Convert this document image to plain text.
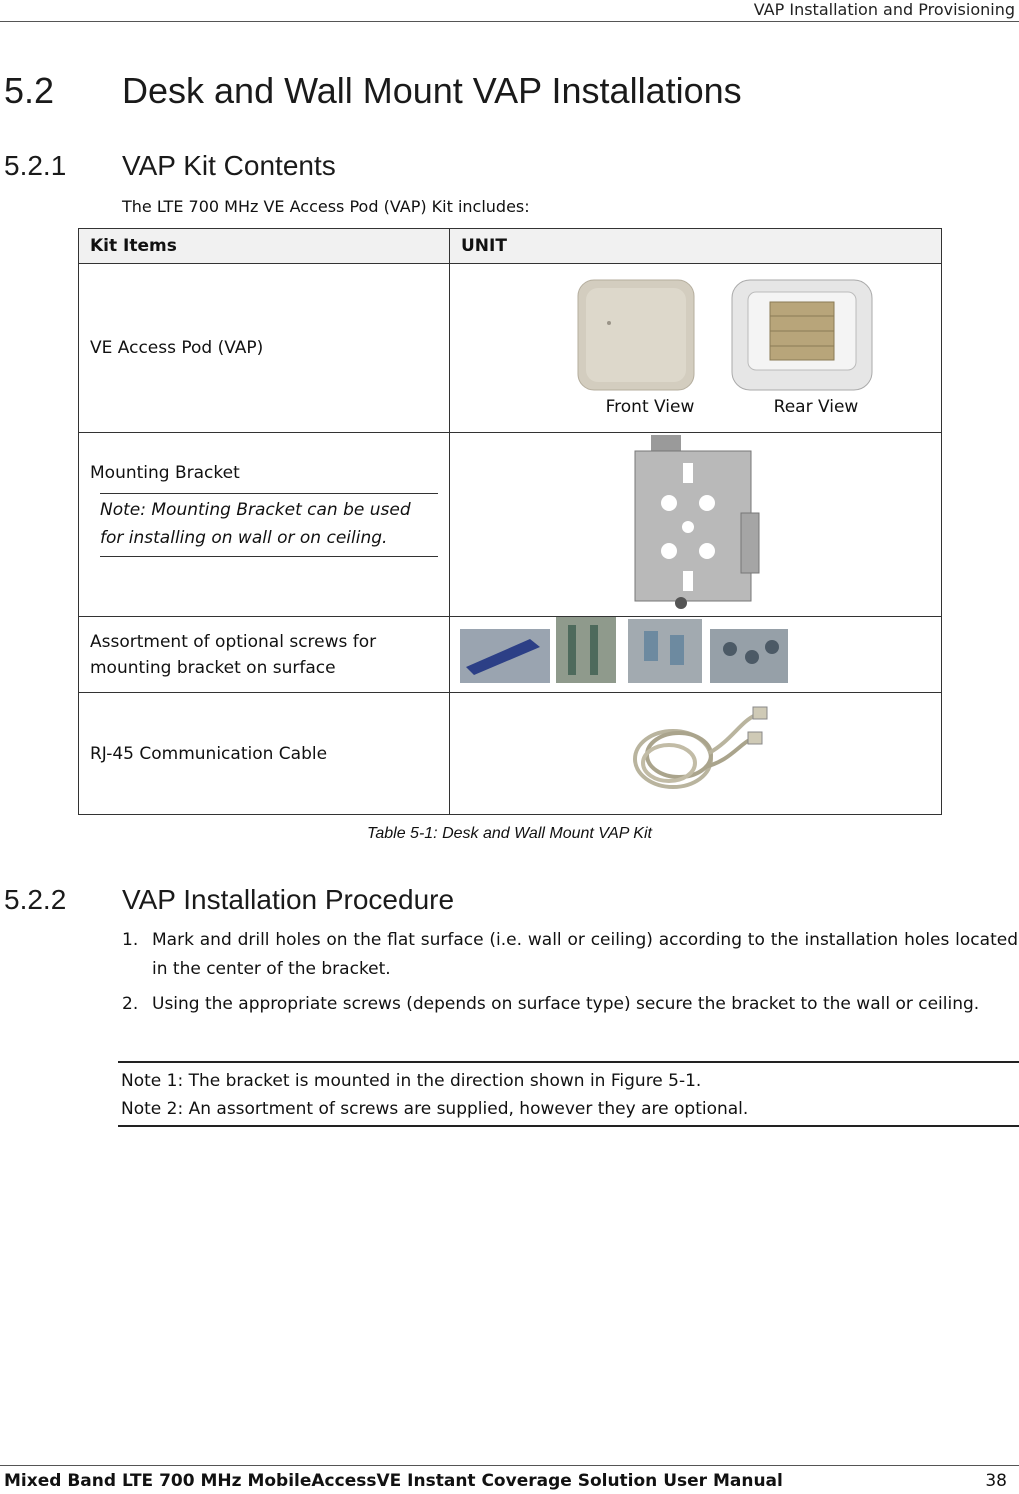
VAP Installation and Provisioning
5.2 Desk and Wall Mount VAP Installations
5.2.1 VAP Kit Contents
The LTE 700 MHz VE Access Pod (VAP) Kit includes:
Kit Items	UNIT
VE Access Pod (VAP)	Front View Rear View

Mounting Bracket
Note: Mounting Bracket can be used for installing on wall or on ceiling.

Assortment of optional screws for mounting bracket on surface	
RJ-45 Communication Cable	
Table 5-1: Desk and Wall Mount VAP Kit
5.2.2 VAP Installation Procedure
1. Mark and drill holes on the flat surface (i.e. wall or ceiling) according to the installation holes located in the center of the bracket.
2. Using the appropriate screws (depends on surface type) secure the bracket to the wall or ceiling.
Note 1: The bracket is mounted in the direction shown in Figure 5-1.
Note 2: An assortment of screws are supplied, however they are optional.
Mixed Band LTE 700 MHz MobileAccessVE Instant Coverage Solution User Manual	38
